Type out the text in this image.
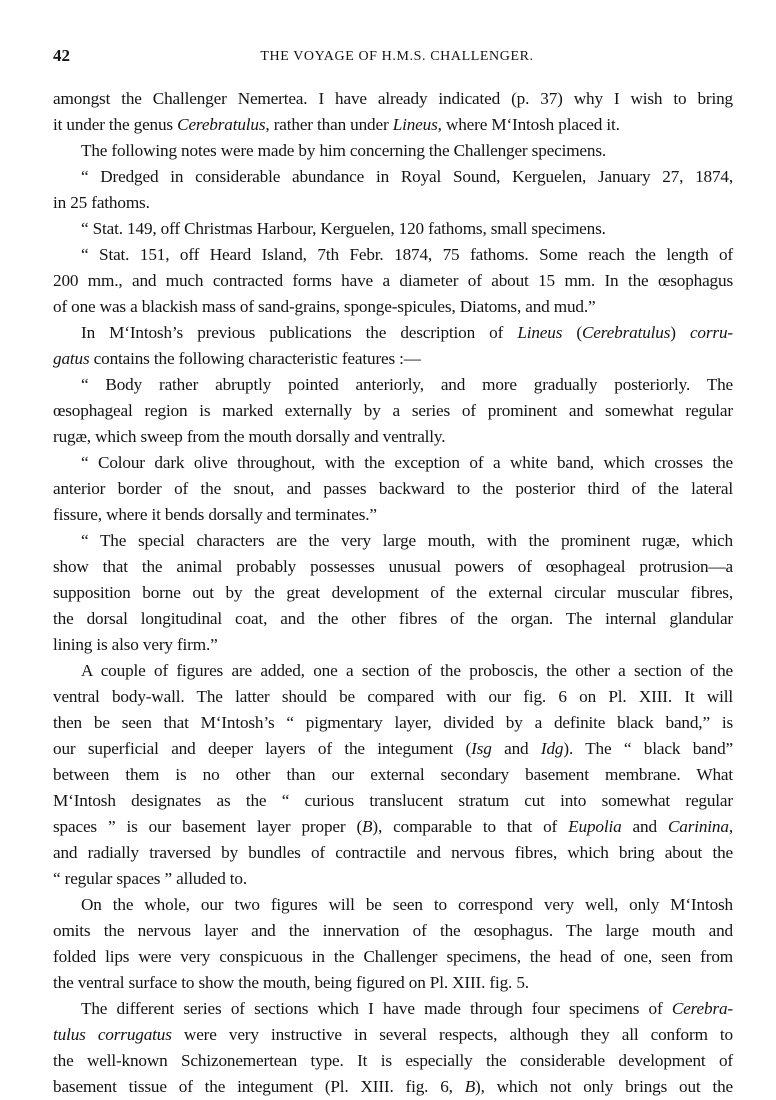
42	THE VOYAGE OF H.M.S. CHALLENGER.
amongst the Challenger Nemertea. I have already indicated (p. 37) why I wish to bring
it under the genus Cerebratulus, rather than under Lineus, where M‘Intosh placed it.
The following notes were made by him concerning the Challenger specimens.
“ Dredged in considerable abundance in Royal Sound, Kerguelen, January 27, 1874,
in 25 fathoms.
“ Stat. 149, off Christmas Harbour, Kerguelen, 120 fathoms, small specimens.
“ Stat. 151, off Heard Island, 7th Febr. 1874, 75 fathoms. Some reach the length of
200 mm., and much contracted forms have a diameter of about 15 mm. In the œsophagus
of one was a blackish mass of sand-grains, sponge-spicules, Diatoms, and mud.”
In M‘Intosh’s previous publications the description of Lineus (Cerebratulus) corru-
gatus contains the following characteristic features :—
“ Body rather abruptly pointed anteriorly, and more gradually posteriorly. The
œsophageal region is marked externally by a series of prominent and somewhat regular
rugæ, which sweep from the mouth dorsally and ventrally.
“ Colour dark olive throughout, with the exception of a white band, which crosses the
anterior border of the snout, and passes backward to the posterior third of the lateral
fissure, where it bends dorsally and terminates.”
“ The special characters are the very large mouth, with the prominent rugæ, which
show that the animal probably possesses unusual powers of œsophageal protrusion—a
supposition borne out by the great development of the external circular muscular fibres,
the dorsal longitudinal coat, and the other fibres of the organ. The internal glandular
lining is also very firm.”
A couple of figures are added, one a section of the proboscis, the other a section of the
ventral body-wall. The latter should be compared with our fig. 6 on Pl. XIII. It will
then be seen that M‘Intosh’s “ pigmentary layer, divided by a definite black band,” is
our superficial and deeper layers of the integument (Isg and Idg). The “ black band”
between them is no other than our external secondary basement membrane. What
M‘Intosh designates as the “ curious translucent stratum cut into somewhat regular
spaces ” is our basement layer proper (B), comparable to that of Eupolia and Carinina,
and radially traversed by bundles of contractile and nervous fibres, which bring about the
“ regular spaces ” alluded to.
On the whole, our two figures will be seen to correspond very well, only M‘Intosh
omits the nervous layer and the innervation of the œsophagus. The large mouth and
folded lips were very conspicuous in the Challenger specimens, the head of one, seen from
the ventral surface to show the mouth, being figured on Pl. XIII. fig. 5.
The different series of sections which I have made through four specimens of Cerebra-
tulus corrugatus were very instructive in several respects, although they all conform to
the well-known Schizonemertean type. It is especially the considerable development of
basement tissue of the integument (Pl. XIII. fig. 6, B), which not only brings out the
